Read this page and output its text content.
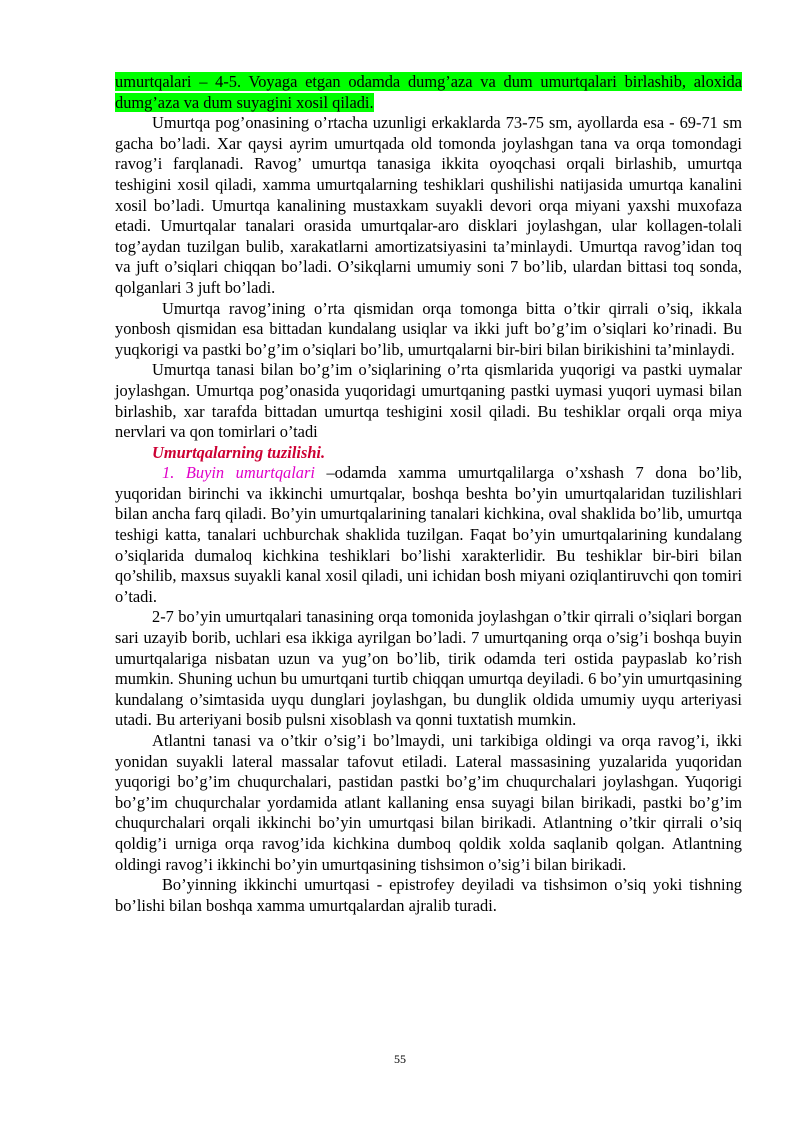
umurtqalari – 4-5. Voyaga etgan odamda dumg’aza va dum umurtqalari birlashib, aloxida dumg’aza va dum suyagini xosil qiladi.

Umurtqa pog’onasining o’rtacha uzunligi erkaklarda 73-75 sm, ayollarda esa - 69-71 sm gacha bo’ladi. Xar qaysi ayrim umurtqada old tomonda joylashgan tana va orqa tomondagi ravog’i farqlanadi. Ravog’ umurtqa tanasiga ikkita oyoqchasi orqali birlashib, umurtqa teshigini xosil qiladi, xamma umurtqalarning teshiklari qushilishi natijasida umurtqa kanalini xosil bo’ladi. Umurtqa kanalining mustaxkam suyakli devori orqa miyani yaxshi muxofaza etadi. Umurtqalar tanalari orasida umurtqalar-aro disklari joylashgan, ular kollagen-tolali tog’aydan tuzilgan bulib, xarakatlarni amortizatsiyasini ta’minlaydi. Umurtqa ravog’idan toq va juft o’siqlari chiqqan bo’ladi. O’sikqlarni umumiy soni 7 bo’lib, ulardan bittasi toq sonda, qolganlari 3 juft bo’ladi.

Umurtqa ravog’ining o’rta qismidan orqa tomonga bitta o’tkir qirrali o’siq, ikkala yonbosh qismidan esa bittadan kundalang usiqlar va ikki juft bo’g’im o’siqlari ko’rinadi. Bu yuqkorigi va pastki bo’g’im o’siqlari bo’lib, umurtqalarni bir-biri bilan birikishini ta’minlaydi.

Umurtqa tanasi bilan bo’g’im o’siqlarining o’rta qismlarida yuqorigi va pastki uymalar joylashgan. Umurtqa pog’onasida yuqoridagi umurtqaning pastki uymasi yuqori uymasi bilan birlashib, xar tarafda bittadan umurtqa teshigini xosil qiladi. Bu teshiklar orqali orqa miya nervlari va qon tomirlari o’tadi

Umurtqalarning tuzilishi.

1. Buyin umurtqalari –odamda xamma umurtqalilarga o’xshash 7 dona bo’lib, yuqoridan birinchi va ikkinchi umurtqalar, boshqa beshta bo’yin umurtqalaridan tuzilishlari bilan ancha farq qiladi. Bo’yin umurtqalarining tanalari kichkina, oval shaklida bo’lib, umurtqa teshigi katta, tanalari uchburchak shaklida tuzilgan. Faqat bo’yin umurtqalarining kundalang o’siqlarida dumaloq kichkina teshiklari bo’lishi xarakterlidir. Bu teshiklar bir-biri bilan qo’shilib, maxsus suyakli kanal xosil qiladi, uni ichidan bosh miyani oziqlantiruvchi qon tomiri o’tadi.

2-7 bo’yin umurtqalari tanasining orqa tomonida joylashgan o’tkir qirrali o’siqlari borgan sari uzayib borib, uchlari esa ikkiga ayrilgan bo’ladi. 7 umurtqaning orqa o’sig’i boshqa buyin umurtqalariga nisbatan uzun va yug’on bo’lib, tirik odamda teri ostida paypaslab ko’rish mumkin. Shuning uchun bu umurtqani turtib chiqqan umurtqa deyiladi. 6 bo’yin umurtqasining kundalang o’simtasida uyqu dunglari joylashgan, bu dunglik oldida umumiy uyqu arteriyasi utadi. Bu arteriyani bosib pulsni xisoblash va qonni tuxtatish mumkin.

Atlantni tanasi va o’tkir o’sig’i bo’lmaydi, uni tarkibiga oldingi va orqa ravog’i, ikki yonidan suyakli lateral massalar tafovut etiladi. Lateral massasining yuzalarida yuqoridan yuqorigi bo’g’im chuqurchalari, pastidan pastki bo’g’im chuqurchalari joylashgan. Yuqorigi bo’g’im chuqurchalar yordamida atlant kallaning ensa suyagi bilan birikadi, pastki bo’g’im chuqurchalari orqali ikkinchi bo’yin umurtqasi bilan birikadi. Atlantning o’tkir qirrali o’siq qoldig’i urniga orqa ravog’ida kichkina dumboq qoldik xolda saqlanib qolgan. Atlantning oldingi ravog’i ikkinchi bo’yin umurtqasining tishsimon o’sig’i bilan birikadi.

Bo’yinning ikkinchi umurtqasi - epistrofey deyiladi va tishsimon o’siq yoki tishning bo’lishi bilan boshqa xamma umurtqalardan ajralib turadi.

55
